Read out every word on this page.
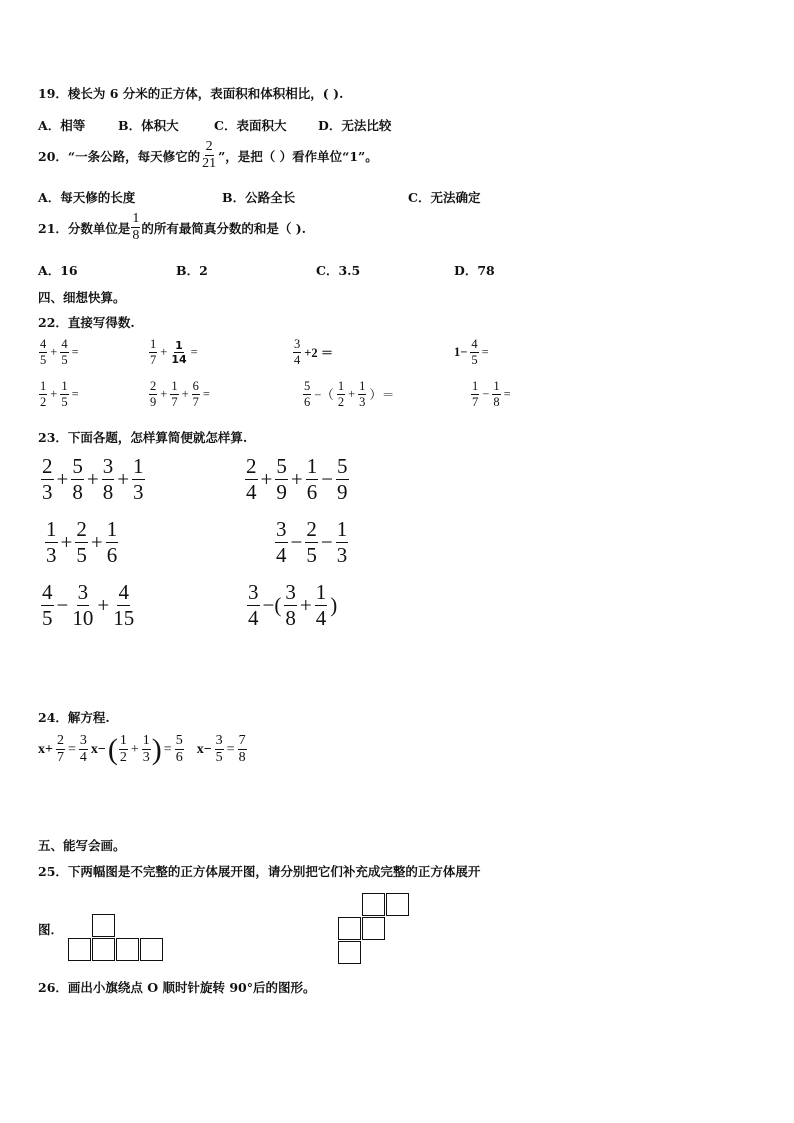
19．棱长为 6 分米的正方体，表面积和体积相比，( ).
A．相等	B．体积大	C．表面积大	D．无法比较
20．“一条公路，每天修它的 $\frac{2}{21}$ ”，是把（ ）看作单位“1”。
A．每天修的长度	B．公路全长	C．无法确定
21．分数单位是 $\frac{1}{8}$ 的所有最简真分数的和是（ ).
A．16	B．2	C．3.5	D．78
四、细想快算。
22．直接写得数.
$\frac{4}{5} + \frac{4}{5}$ =	$\frac{1}{7} + \frac{1}{14}$ =	$\frac{3}{4} +2$ ＝	$1- \frac{4}{5}$ =
$\frac{1}{2} + \frac{1}{5}$ =	$\frac{2}{9} + \frac{1}{7} + \frac{6}{7}$ =	$\frac{5}{6}$ −（ $\frac{1}{2} + \frac{1}{3}$ ）＝	$\frac{1}{7} - \frac{1}{8}$ =
23．下面各题，怎样算简便就怎样算.
$\frac{2}{3} + \frac{5}{8} + \frac{3}{8} + \frac{1}{3}$	$\frac{2}{4} + \frac{5}{9} + \frac{1}{6} - \frac{5}{9}$
$\frac{1}{3} + \frac{2}{5} + \frac{1}{6}$	$\frac{3}{4} - \frac{2}{5} - \frac{1}{3}$
$\frac{4}{5} - \frac{3}{10} + \frac{4}{15}$	$\frac{3}{4}$ −( $\frac{3}{8} + \frac{1}{4}$ )
24．解方程.
$x+ \frac{2}{7} = \frac{3}{4} x-$ ( $\frac{1}{2} + \frac{1}{3}$ ) = $\frac{5}{6} x- \frac{3}{5} = \frac{7}{8}$
五、能写会画。
25．下两幅图是不完整的正方体展开图，请分别把它们补充成完整的正方体展开
图．
26．画出小旗绕点 O 顺时针旋转 90°后的图形。
